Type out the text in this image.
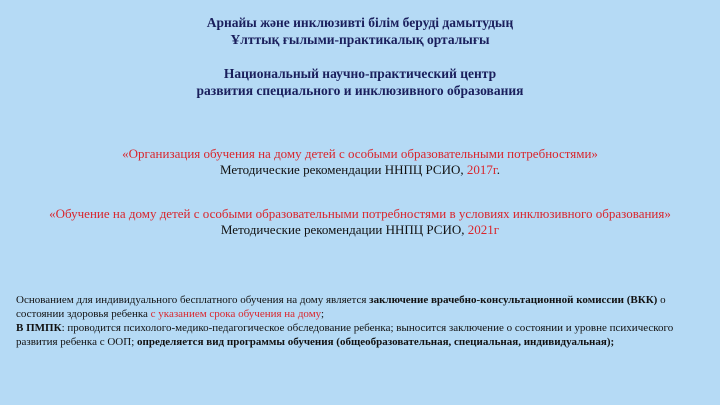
Арнайы және инклюзивті білім беруді дамытудың
Ұлттық ғылыми-практикалық орталығы
Национальный научно-практический центр
развития специального и инклюзивного образования
«Организация обучения на дому детей с особыми образовательными потребностями»
Методические рекомендации ННПЦ РСИО, 2017г.
«Обучение на дому детей с особыми образовательными потребностями в условиях инклюзивного образования»
Методические рекомендации ННПЦ РСИО, 2021г
Основанием для индивидуального бесплатного обучения на дому является заключение врачебно-консультационной комиссии (ВКК) о состоянии здоровья ребенка с указанием срока обучения на дому;
В ПМПК: проводится психолого-медико-педагогическое обследование ребенка; выносится заключение о состоянии и уровне психического развития ребенка с ООП; определяется вид программы обучения (общеобразовательная, специальная, индивидуальная);
